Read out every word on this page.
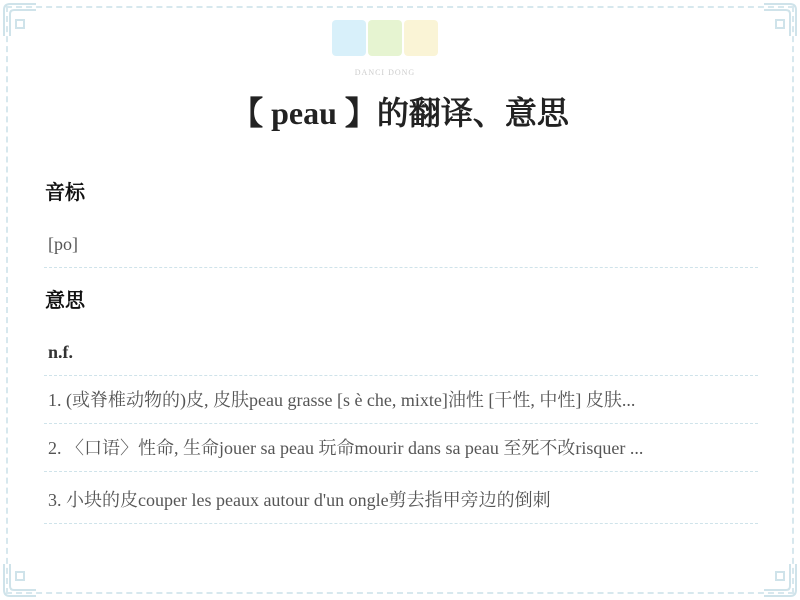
DANCI DONG
【 peau 】的翻译、意思
音标
[po]
意思
n.f.
1. (或脊椎动物的)皮, 皮肤peau grasse [s è che, mixte]油性 [干性, 中性] 皮肤...
2. 〈口语〉性命, 生命jouer sa peau 玩命mourir dans sa peau 至死不改risquer ...
3. 小块的皮couper les peaux autour d'un ongle剪去指甲旁边的倒刺
